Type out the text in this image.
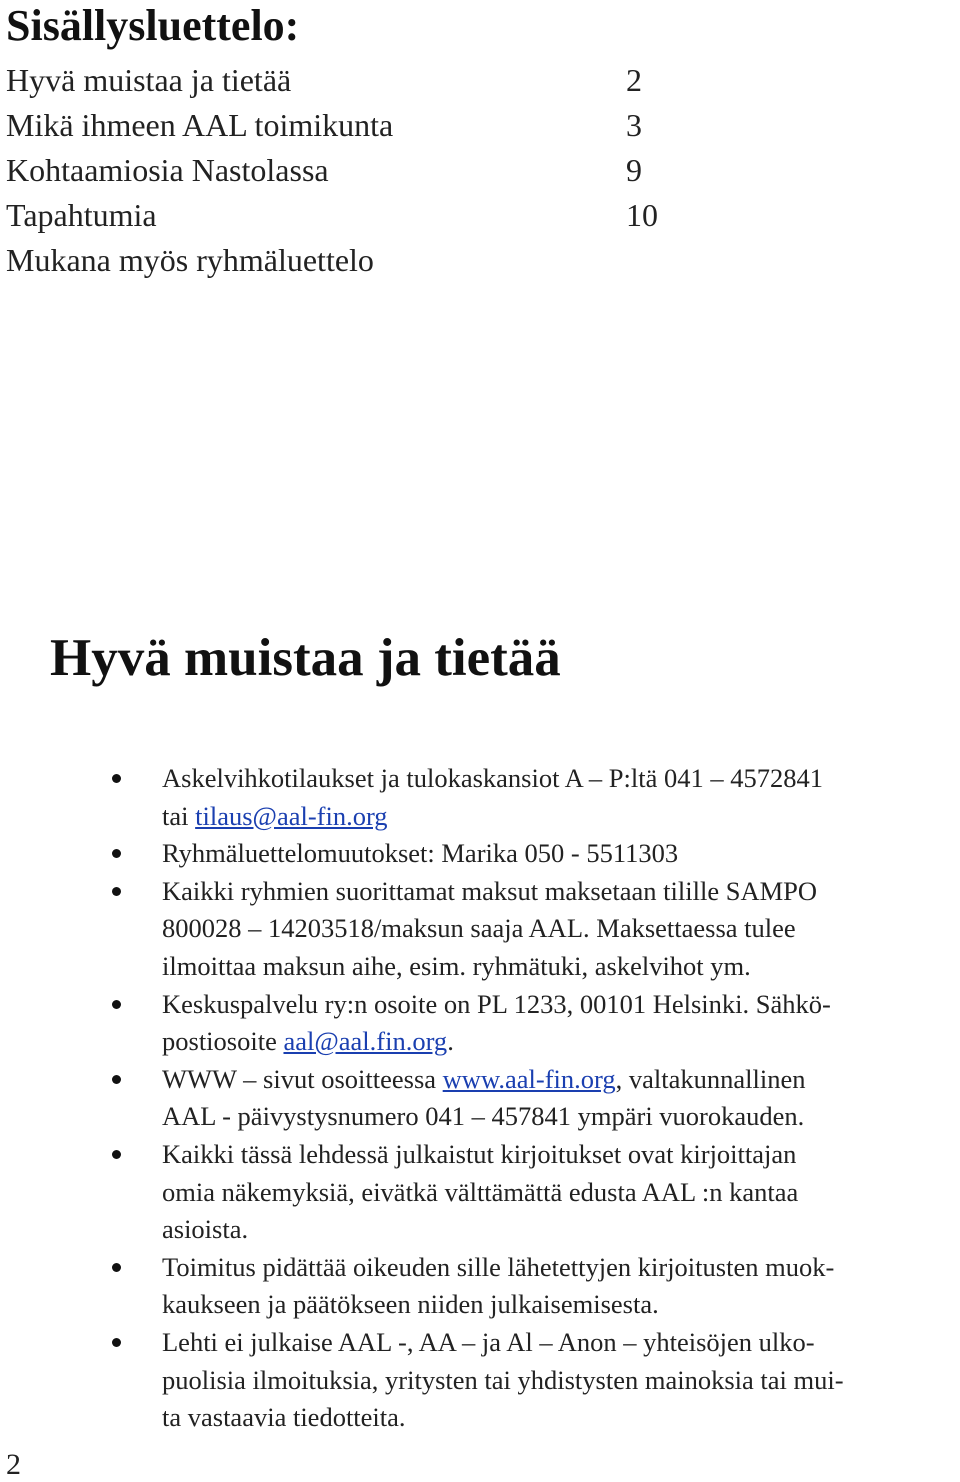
Sisällysluettelo:
Hyvä muistaa ja tietää	2
Mikä ihmeen AAL toimikunta	3
Kohtaamiosia Nastolassa	9
Tapahtumia	10
Mukana myös ryhmäluettelo
Hyvä muistaa ja tietää
Askelvihkotilaukset ja tulokaskansiot A – P:ltä 041 – 4572841
tai tilaus@aal-fin.org
Ryhmäluettelomuutokset: Marika 050 - 5511303
Kaikki ryhmien suorittamat maksut maksetaan tilille SAMPO
800028 – 14203518/maksun saaja AAL. Maksettaessa tulee
ilmoittaa maksun aihe, esim. ryhmätuki, askelvihot ym.
Keskuspalvelu ry:n osoite on PL 1233, 00101 Helsinki. Sähkö-
postiosoite aal@aal.fin.org.
WWW – sivut osoitteessa www.aal-fin.org, valtakunnallinen
AAL - päivystysnumero 041 – 457841 ympäri vuorokauden.
Kaikki tässä lehdessä julkaistut kirjoitukset ovat kirjoittajan
omia näkemyksiä, eivätkä välttämättä edusta AAL :n kantaa
asioista.
Toimitus pidättää oikeuden sille lähetettyjen kirjoitusten muok-
kaukseen ja päätökseen niiden julkaisemisesta.
Lehti ei julkaise AAL -, AA – ja Al – Anon – yhteisöjen ulko-
puolisia ilmoituksia, yritysten tai yhdistysten mainoksia tai mui-
ta vastaavia tiedotteita.
2
